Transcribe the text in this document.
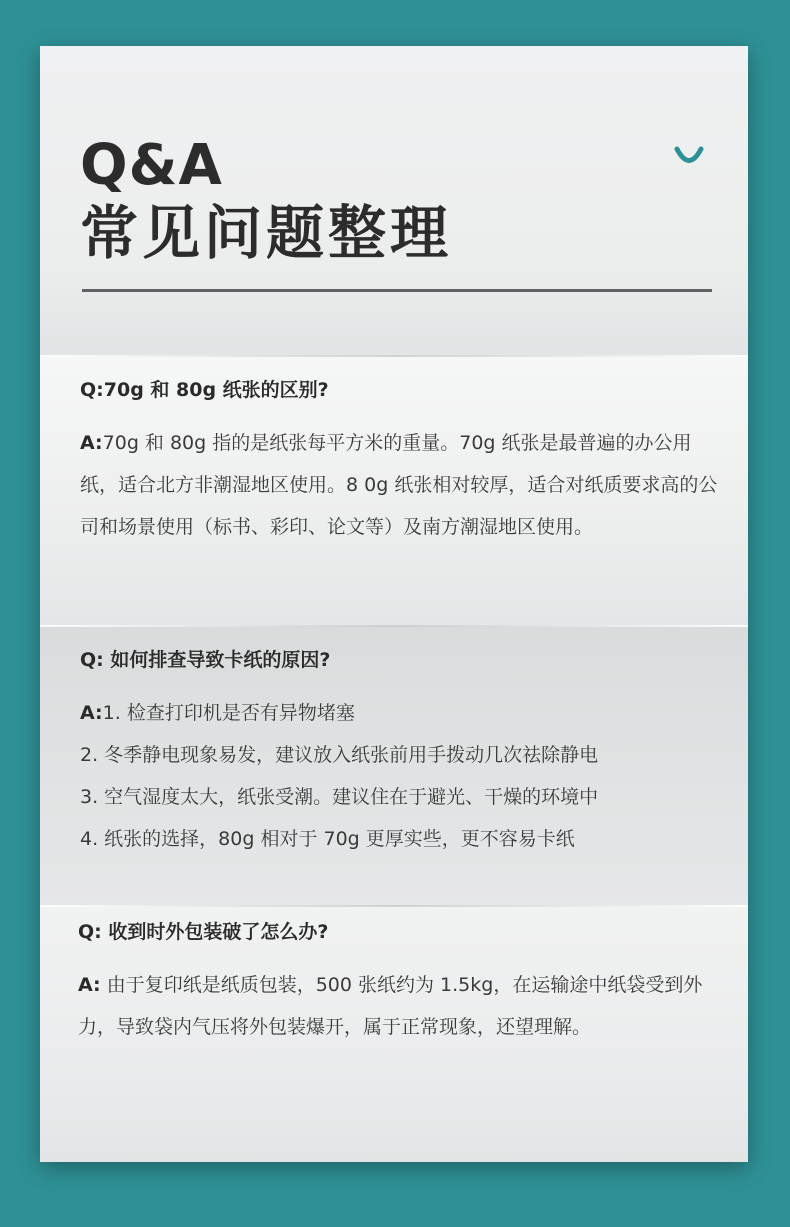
Q&A
常见问题整理

Q:70g 和 80g 纸张的区别?

A:70g 和 80g 指的是纸张每平方米的重量。70g 纸张是最普遍的办公用纸，适合北方非潮湿地区使用。8 0g 纸张相对较厚，适合对纸质要求高的公司和场景使用（标书、彩印、论文等）及南方潮湿地区使用。

Q: 如何排查导致卡纸的原因?

A:1. 检查打印机是否有异物堵塞

2. 冬季静电现象易发，建议放入纸张前用手拨动几次祛除静电

3. 空气湿度太大，纸张受潮。建议住在于避光、干燥的环境中

4. 纸张的选择，80g 相对于 70g 更厚实些，更不容易卡纸

Q: 收到时外包装破了怎么办?

A: 由于复印纸是纸质包装，500 张纸约为 1.5kg，在运输途中纸袋受到外力，导致袋内气压将外包装爆开，属于正常现象，还望理解。
